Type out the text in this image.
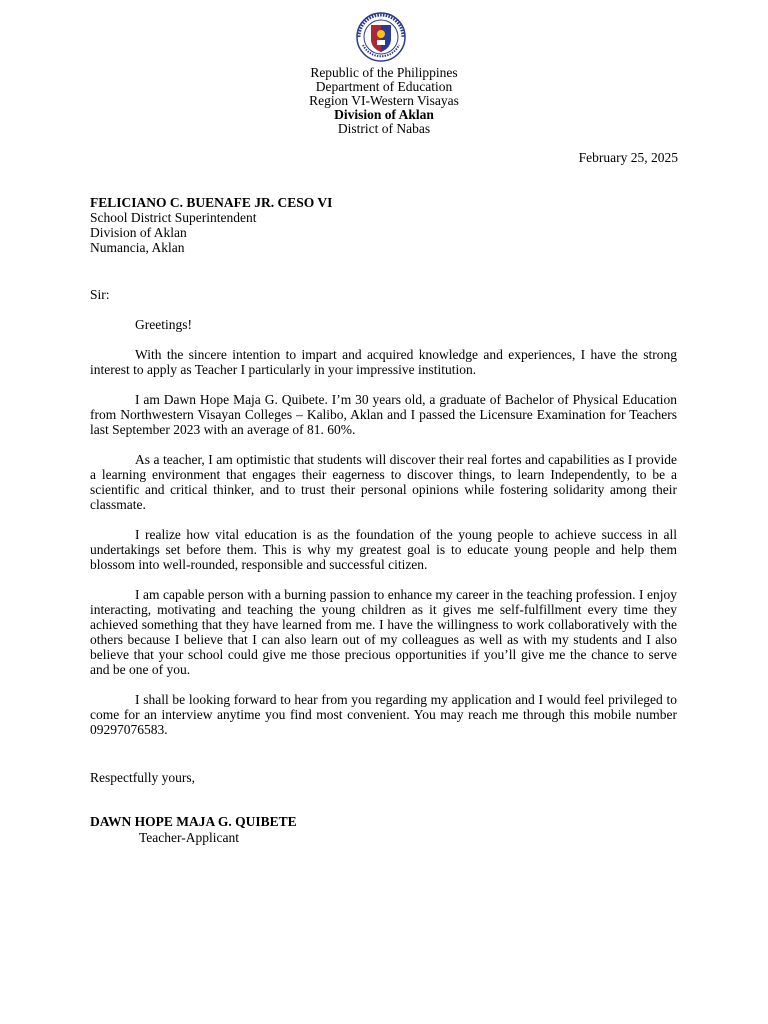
Republic of the Philippines
Department of Education
Region VI-Western Visayas
Division of Aklan
District of Nabas
February 25, 2025
FELICIANO C. BUENAFE JR. CESO VI
School District Superintendent
Division of Aklan
Numancia, Aklan
Sir:

Greetings!

With the sincere intention to impart and acquired knowledge and experiences, I have the strong interest to apply as Teacher I particularly in your impressive institution.

I am Dawn Hope Maja G. Quibete. I’m 30 years old, a graduate of Bachelor of Physical Education from Northwestern Visayan Colleges – Kalibo, Aklan and I passed the Licensure Examination for Teachers last September 2023 with an average of 81. 60%.

As a teacher, I am optimistic that students will discover their real fortes and capabilities as I provide a learning environment that engages their eagerness to discover things, to learn Independently, to be a scientific and critical thinker, and to trust their personal opinions while fostering solidarity among their classmate.

I realize how vital education is as the foundation of the young people to achieve success in all undertakings set before them. This is why my greatest goal is to educate young people and help them blossom into well-rounded, responsible and successful citizen.

I am capable person with a burning passion to enhance my career in the teaching profession. I enjoy interacting, motivating and teaching the young children as it gives me self-fulfillment every time they achieved something that they have learned from me. I have the willingness to work collaboratively with the others because I believe that I can also learn out of my colleagues as well as with my students and I also believe that your school could give me those precious opportunities if you’ll give me the chance to serve and be one of you.

I shall be looking forward to hear from you regarding my application and I would feel privileged to come for an interview anytime you find most convenient. You may reach me through this mobile number 09297076583.

Respectfully yours,
DAWN HOPE MAJA G. QUIBETE
Teacher-Applicant
